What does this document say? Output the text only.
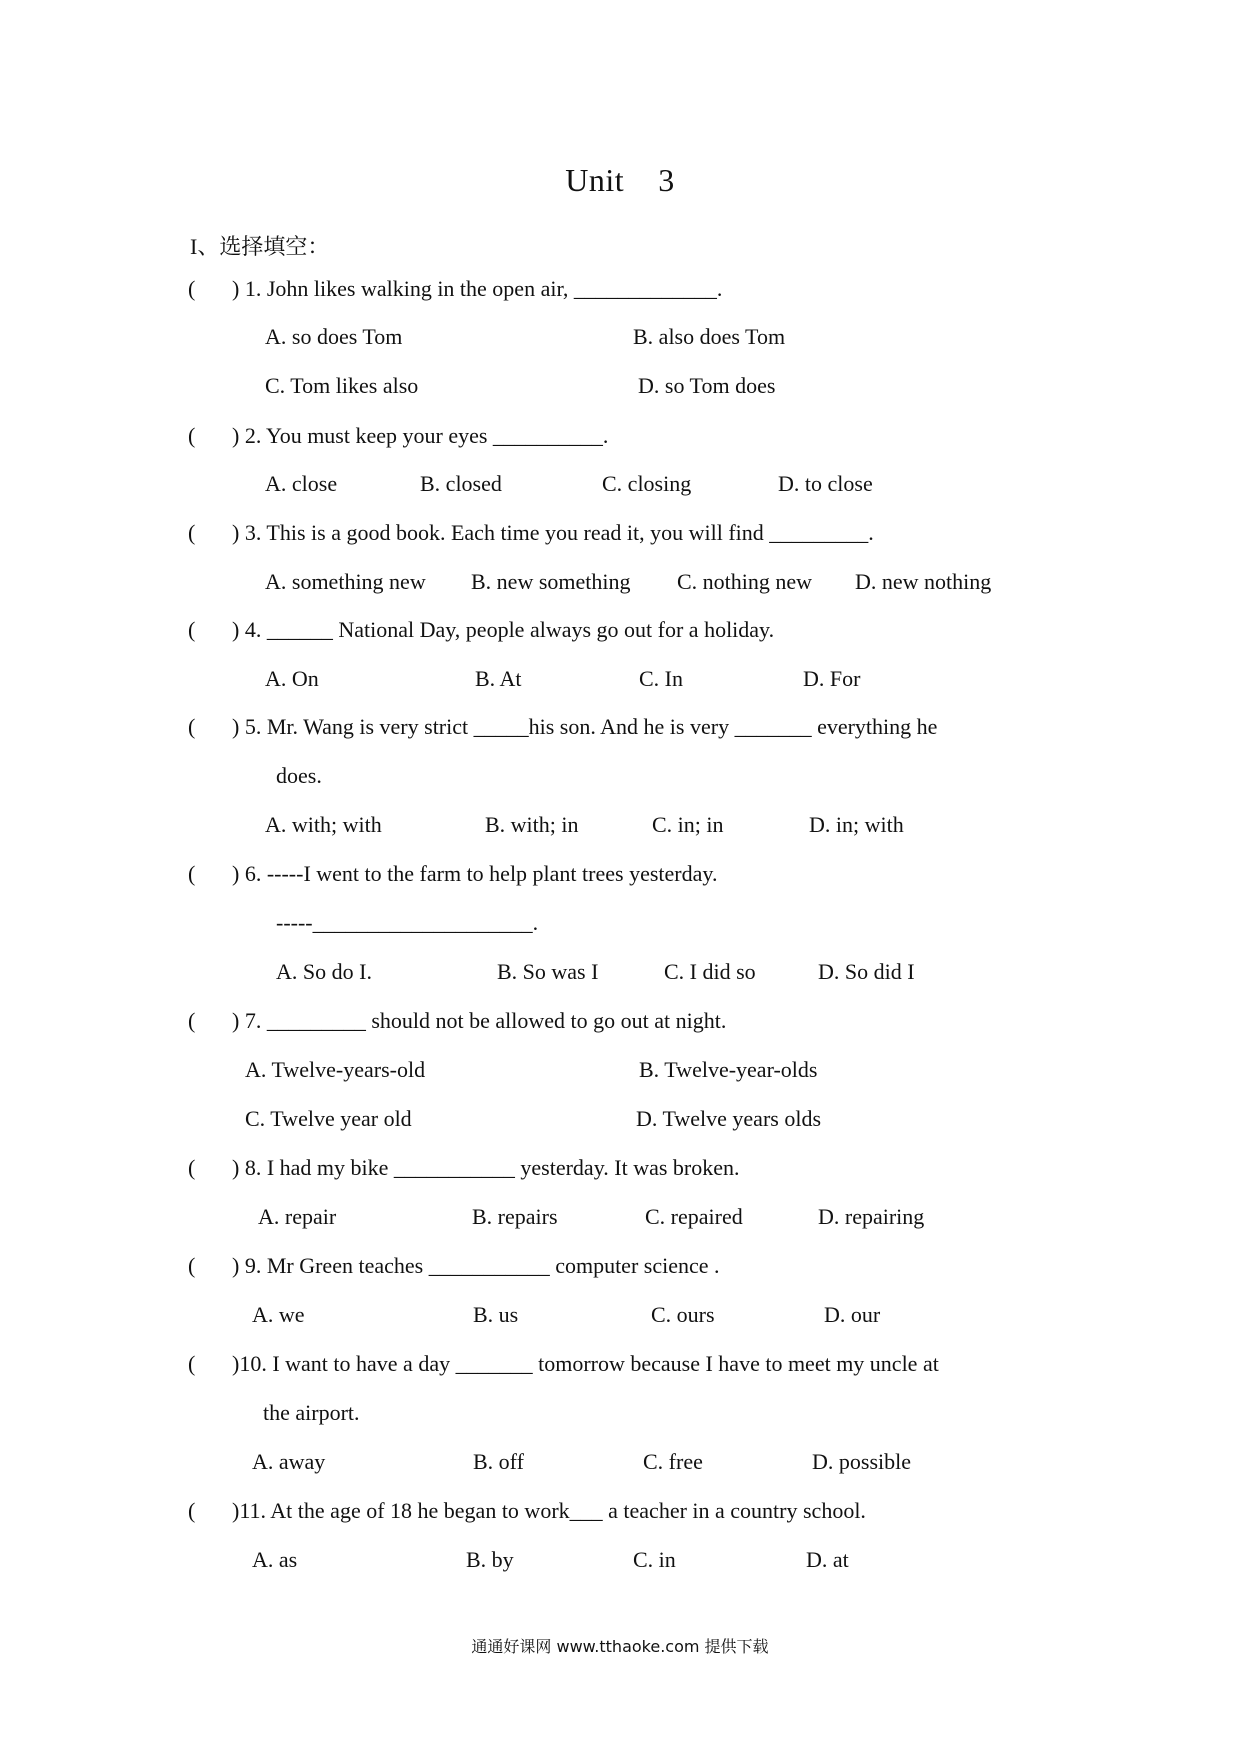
Unit    3
I、选择填空：
( ) 1. John likes walking in the open air, _____________.
A. so does Tom	B. also does Tom
C. Tom likes also	D. so Tom does
( ) 2. You must keep your eyes __________.
A. close	B. closed	C. closing	D. to close
( ) 3. This is a good book. Each time you read it, you will find _________.
A. something new B. new something C. nothing new D. new nothing
( ) 4. ______ National Day, people always go out for a holiday.
A. On	B. At	C. In	D. For
( ) 5. Mr. Wang is very strict _____his son. And he is very _______ everything he
does.
A. with; with	B. with; in	C. in; in	D. in; with
( ) 6. -----I went to the farm to help plant trees yesterday.
-----____________________.
A. So do I.	B. So was I	C. I did so	D. So did I
( ) 7. _________ should not be allowed to go out at night.
A. Twelve-years-old	B. Twelve-year-olds
C. Twelve year old	D. Twelve years olds
( ) 8. I had my bike ___________ yesterday. It was broken.
A. repair	B. repairs	C. repaired	D. repairing
( ) 9. Mr Green teaches ___________ computer science .
A. we	B. us	C. ours	D. our
( )10. I want to have a day _______ tomorrow because I have to meet my uncle at
the airport.
A. away	B. off	C. free	D. possible
( )11. At the age of 18 he began to work___ a teacher in a country school.
A. as	B. by	C. in	D. at
通通好课网 www.tthaoke.com 提供下载
